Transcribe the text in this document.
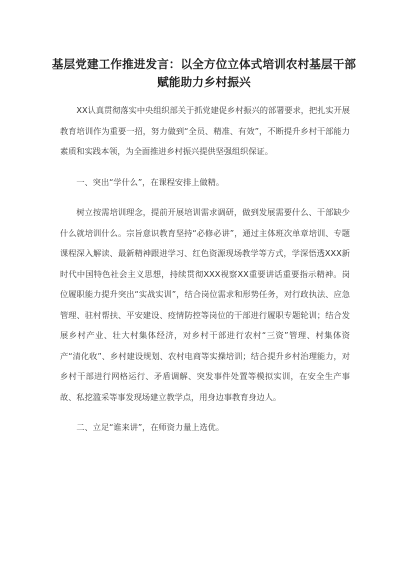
基层党建工作推进发言：以全方位立体式培训农村基层干部赋能助力乡村振兴

XX认真贯彻落实中央组织部关于抓党建促乡村振兴的部署要求，把扎实开展教育培训作为重要一招，努力做到“全员、精准、有效”，不断提升乡村干部能力素质和实践本领，为全面推进乡村振兴提供坚强组织保证。

一、突出“学什么”，在课程安排上做精。

树立按需培训理念，提前开展培训需求调研，做到发展需要什么、干部缺少什么就培训什么。宗旨意识教育坚持“必修必讲”，通过主体班次单章培训、专题课程深入解读、最新精神跟进学习、红色资源现场教学等方式，学深悟透XXX新时代中国特色社会主义思想，持续贯彻XXX视察XX重要讲话重要指示精神。岗位履职能力提升突出“实战实训”，结合岗位需求和形势任务，对行政执法、应急管理、驻村帮扶、平安建设、疫情防控等岗位的干部进行履职专题轮训；结合发展乡村产业、壮大村集体经济，对乡村干部进行农村“三资”管理、村集体资产“清化收”、乡村建设规划、农村电商等实操培训；结合提升乡村治理能力，对乡村干部进行网格运行、矛盾调解、突发事件处置等模拟实训，在安全生产事故、私挖滥采等事发现场建立教学点，用身边事教育身边人。

二、立足“谁来讲”，在师资力量上选优。
